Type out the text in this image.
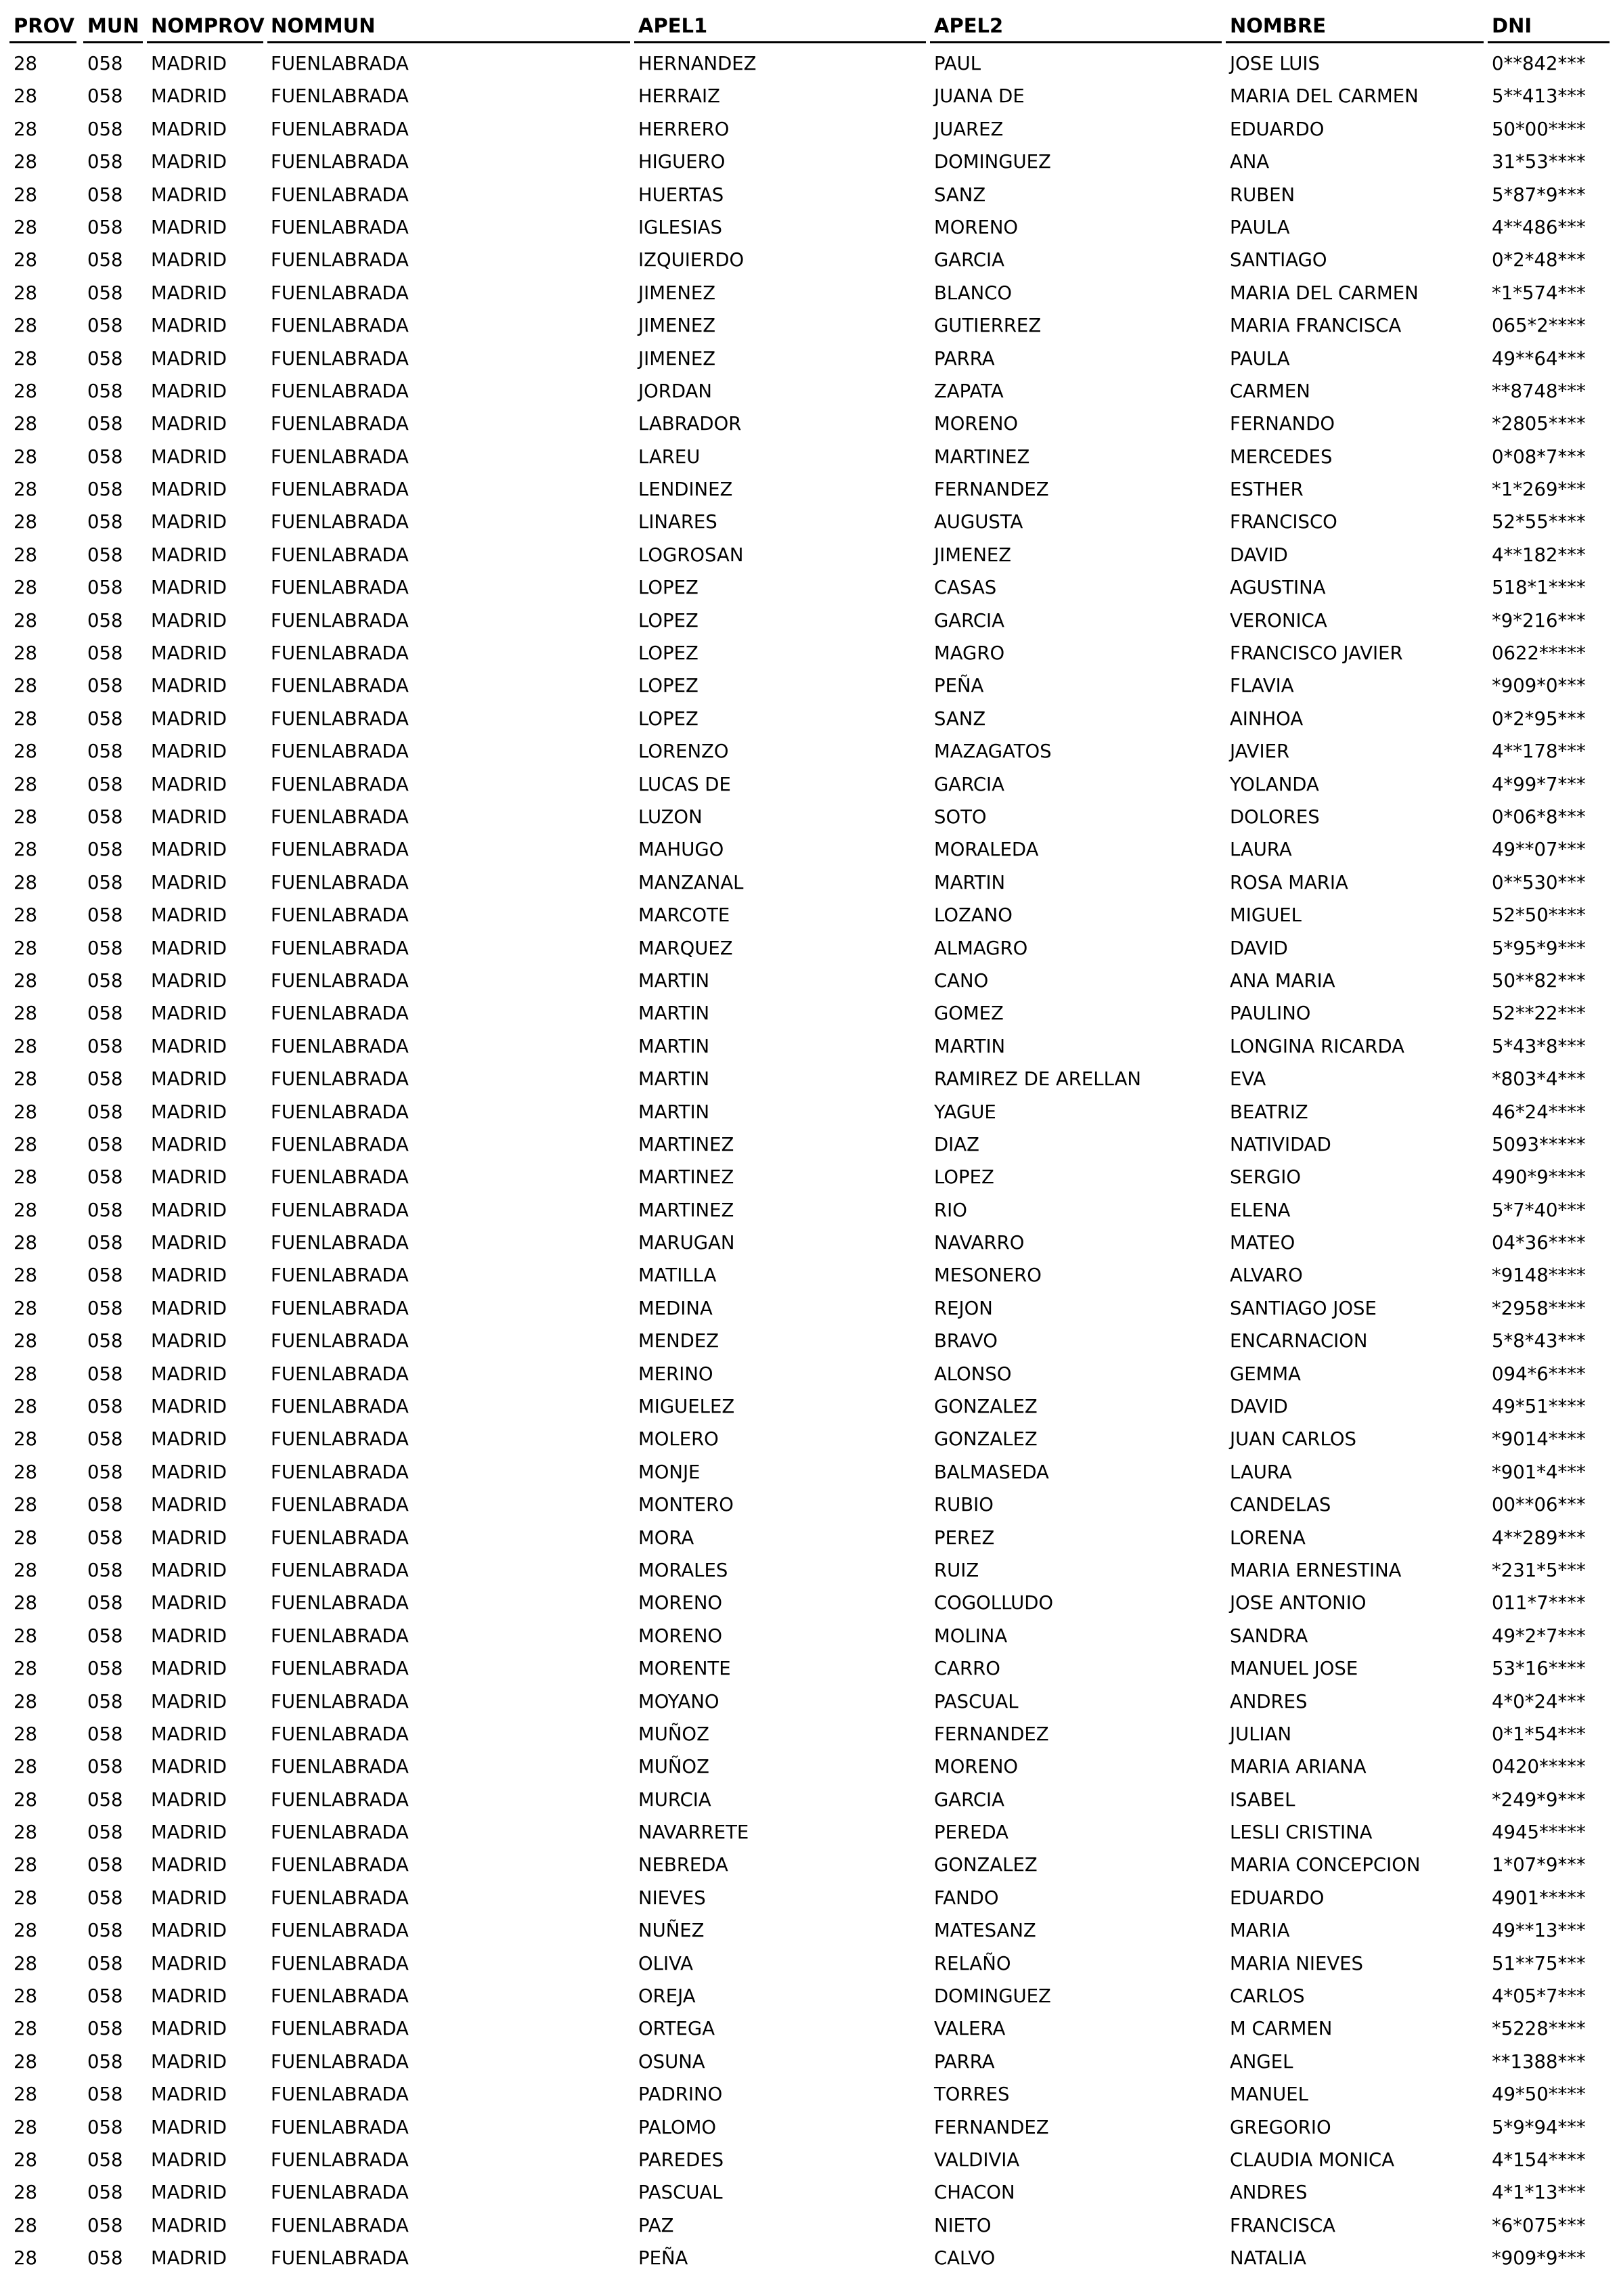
PROV MUN NOMPROV NOMMUN	APEL1	APEL2	NOMBRE	DNI
28	058 MADRID FUENLABRADA	HERNANDEZ	PAUL	JOSE LUIS	0**842***
28	058 MADRID FUENLABRADA	HERRAIZ	JUANA DE	MARIA DEL CARMEN	5**413***
28	058 MADRID FUENLABRADA	HERRERO	JUAREZ	EDUARDO	50*00****
28	058 MADRID FUENLABRADA	HIGUERO	DOMINGUEZ	ANA	31*53****
28	058 MADRID FUENLABRADA	HUERTAS	SANZ	RUBEN	5*87*9***
28	058 MADRID FUENLABRADA	IGLESIAS	MORENO	PAULA	4**486***
28	058 MADRID FUENLABRADA	IZQUIERDO	GARCIA	SANTIAGO	0*2*48***
28	058 MADRID FUENLABRADA	JIMENEZ	BLANCO	MARIA DEL CARMEN	*1*574***
28	058 MADRID FUENLABRADA	JIMENEZ	GUTIERREZ	MARIA FRANCISCA	065*2****
28	058 MADRID FUENLABRADA	JIMENEZ	PARRA	PAULA	49**64***
28	058 MADRID FUENLABRADA	JORDAN	ZAPATA	CARMEN	**8748***
28	058 MADRID FUENLABRADA	LABRADOR	MORENO	FERNANDO	*2805****
28	058 MADRID FUENLABRADA	LAREU	MARTINEZ	MERCEDES	0*08*7***
28	058 MADRID FUENLABRADA	LENDINEZ	FERNANDEZ	ESTHER	*1*269***
28	058 MADRID FUENLABRADA	LINARES	AUGUSTA	FRANCISCO	52*55****
28	058 MADRID FUENLABRADA	LOGROSAN	JIMENEZ	DAVID	4**182***
28	058 MADRID FUENLABRADA	LOPEZ	CASAS	AGUSTINA	518*1****
28	058 MADRID FUENLABRADA	LOPEZ	GARCIA	VERONICA	*9*216***
28	058 MADRID FUENLABRADA	LOPEZ	MAGRO	FRANCISCO JAVIER	0622*****
28	058 MADRID FUENLABRADA	LOPEZ	PEÑA	FLAVIA	*909*0***
28	058 MADRID FUENLABRADA	LOPEZ	SANZ	AINHOA	0*2*95***
28	058 MADRID FUENLABRADA	LORENZO	MAZAGATOS	JAVIER	4**178***
28	058 MADRID FUENLABRADA	LUCAS DE	GARCIA	YOLANDA	4*99*7***
28	058 MADRID FUENLABRADA	LUZON	SOTO	DOLORES	0*06*8***
28	058 MADRID FUENLABRADA	MAHUGO	MORALEDA	LAURA	49**07***
28	058 MADRID FUENLABRADA	MANZANAL	MARTIN	ROSA MARIA	0**530***
28	058 MADRID FUENLABRADA	MARCOTE	LOZANO	MIGUEL	52*50****
28	058 MADRID FUENLABRADA	MARQUEZ	ALMAGRO	DAVID	5*95*9***
28	058 MADRID FUENLABRADA	MARTIN	CANO	ANA MARIA	50**82***
28	058 MADRID FUENLABRADA	MARTIN	GOMEZ	PAULINO	52**22***
28	058 MADRID FUENLABRADA	MARTIN	MARTIN	LONGINA RICARDA	5*43*8***
28	058 MADRID FUENLABRADA	MARTIN	RAMIREZ DE ARELLAN	EVA	*803*4***
28	058 MADRID FUENLABRADA	MARTIN	YAGUE	BEATRIZ	46*24****
28	058 MADRID FUENLABRADA	MARTINEZ	DIAZ	NATIVIDAD	5093*****
28	058 MADRID FUENLABRADA	MARTINEZ	LOPEZ	SERGIO	490*9****
28	058 MADRID FUENLABRADA	MARTINEZ	RIO	ELENA	5*7*40***
28	058 MADRID FUENLABRADA	MARUGAN	NAVARRO	MATEO	04*36****
28	058 MADRID FUENLABRADA	MATILLA	MESONERO	ALVARO	*9148****
28	058 MADRID FUENLABRADA	MEDINA	REJON	SANTIAGO JOSE	*2958****
28	058 MADRID FUENLABRADA	MENDEZ	BRAVO	ENCARNACION	5*8*43***
28	058 MADRID FUENLABRADA	MERINO	ALONSO	GEMMA	094*6****
28	058 MADRID FUENLABRADA	MIGUELEZ	GONZALEZ	DAVID	49*51****
28	058 MADRID FUENLABRADA	MOLERO	GONZALEZ	JUAN CARLOS	*9014****
28	058 MADRID FUENLABRADA	MONJE	BALMASEDA	LAURA	*901*4***
28	058 MADRID FUENLABRADA	MONTERO	RUBIO	CANDELAS	00**06***
28	058 MADRID FUENLABRADA	MORA	PEREZ	LORENA	4**289***
28	058 MADRID FUENLABRADA	MORALES	RUIZ	MARIA ERNESTINA	*231*5***
28	058 MADRID FUENLABRADA	MORENO	COGOLLUDO	JOSE ANTONIO	011*7****
28	058 MADRID FUENLABRADA	MORENO	MOLINA	SANDRA	49*2*7***
28	058 MADRID FUENLABRADA	MORENTE	CARRO	MANUEL JOSE	53*16****
28	058 MADRID FUENLABRADA	MOYANO	PASCUAL	ANDRES	4*0*24***
28	058 MADRID FUENLABRADA	MUÑOZ	FERNANDEZ	JULIAN	0*1*54***
28	058 MADRID FUENLABRADA	MUÑOZ	MORENO	MARIA ARIANA	0420*****
28	058 MADRID FUENLABRADA	MURCIA	GARCIA	ISABEL	*249*9***
28	058 MADRID FUENLABRADA	NAVARRETE	PEREDA	LESLI CRISTINA	4945*****
28	058 MADRID FUENLABRADA	NEBREDA	GONZALEZ	MARIA CONCEPCION	1*07*9***
28	058 MADRID FUENLABRADA	NIEVES	FANDO	EDUARDO	4901*****
28	058 MADRID FUENLABRADA	NUÑEZ	MATESANZ	MARIA	49**13***
28	058 MADRID FUENLABRADA	OLIVA	RELAÑO	MARIA NIEVES	51**75***
28	058 MADRID FUENLABRADA	OREJA	DOMINGUEZ	CARLOS	4*05*7***
28	058 MADRID FUENLABRADA	ORTEGA	VALERA	M CARMEN	*5228****
28	058 MADRID FUENLABRADA	OSUNA	PARRA	ANGEL	**1388***
28	058 MADRID FUENLABRADA	PADRINO	TORRES	MANUEL	49*50****
28	058 MADRID FUENLABRADA	PALOMO	FERNANDEZ	GREGORIO	5*9*94***
28	058 MADRID FUENLABRADA	PAREDES	VALDIVIA	CLAUDIA MONICA	4*154****
28	058 MADRID FUENLABRADA	PASCUAL	CHACON	ANDRES	4*1*13***
28	058 MADRID FUENLABRADA	PAZ	NIETO	FRANCISCA	*6*075***
28	058 MADRID FUENLABRADA	PEÑA	CALVO	NATALIA	*909*9***
